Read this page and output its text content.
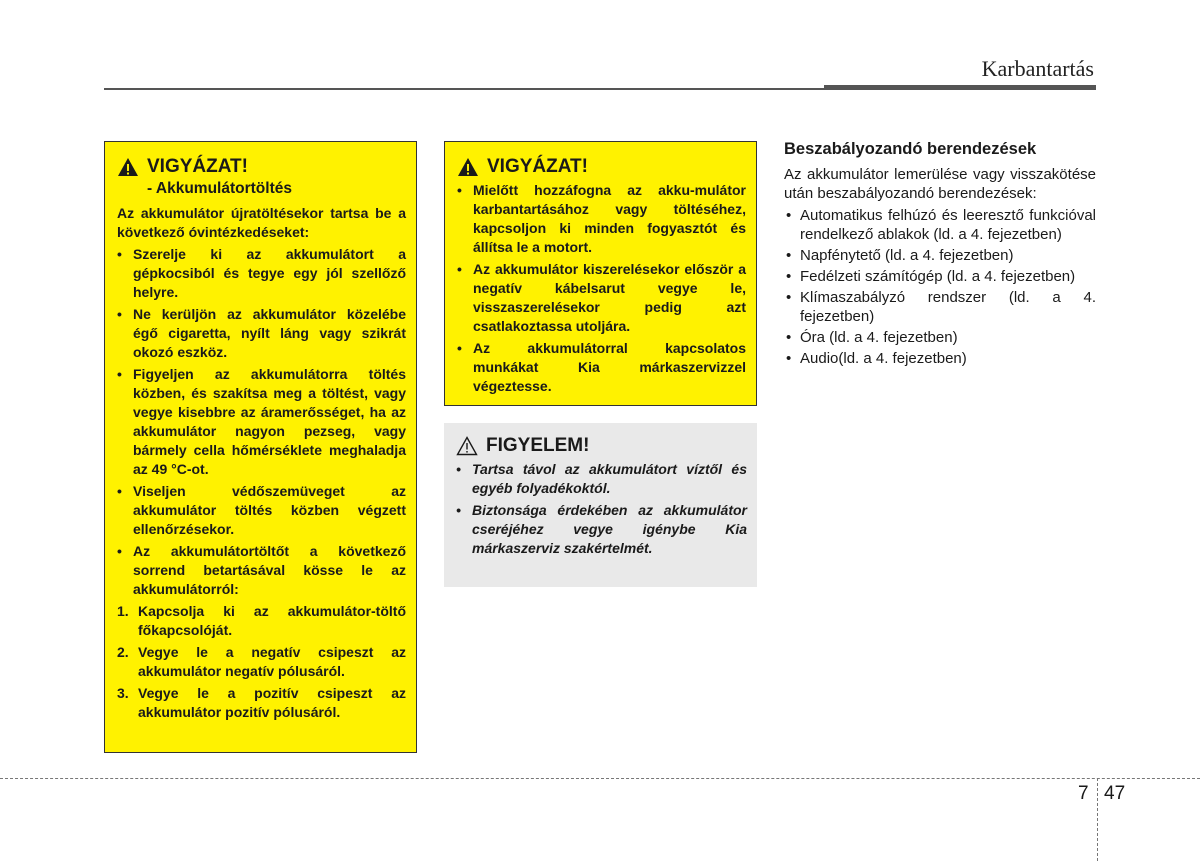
Karbantartás
VIGYÁZAT!
- Akkumulátortöltés
Az akkumulátor újratöltésekor tartsa be a következő óvintézkedéseket:
• Szerelje ki az akkumulátort a gépkocsiból és tegye egy jól szellőző helyre.
• Ne kerüljön az akkumulátor közelébe égő cigaretta, nyílt láng vagy szikrát okozó eszköz.
• Figyeljen az akkumulátorra töltés közben, és szakítsa meg a töltést, vagy vegye kisebbre az áramerősséget, ha az akkumulátor nagyon pezseg, vagy bármely cella hőmérséklete meghaladja az 49 °C-ot.
• Viseljen védőszemüveget az akkumulátor töltés közben végzett ellenőrzésekor.
• Az akkumulátortöltőt a következő sorrend betartásával kösse le az akkumulátorról:
1. Kapcsolja ki az akkumulátor-töltő főkapcsolóját.
2. Vegye le a negatív csipeszt az akkumulátor negatív pólusáról.
3. Vegye le a pozitív csipeszt az akkumulátor pozitív pólusáról.
VIGYÁZAT!
• Mielőtt hozzáfogna az akku-mulátor karbantartásához vagy töltéséhez, kapcsoljon ki minden fogyasztót és állítsa le a motort.
• Az akkumulátor kiszerelésekor először a negatív kábelsarut vegye le, visszaszerelésekor pedig azt csatlakoztassa utoljára.
• Az akkumulátorral kapcsolatos munkákat Kia márkaszervizzel végeztesse.
FIGYELEM!
• Tartsa távol az akkumulátort víztől és egyéb folyadékoktól.
• Biztonsága érdekében az akkumulátor cseréjéhez vegye igénybe Kia márkaszerviz szakértelmét.
Beszabályozandó berendezések
Az akkumulátor lemerülése vagy visszakötése után beszabályozandó berendezések:
• Automatikus felhúzó és leeresztő funkcióval rendelkező ablakok (ld. a 4. fejezetben)
• Napfénytető (ld. a 4. fejezetben)
• Fedélzeti számítógép (ld. a 4. fejezetben)
• Klímaszabályzó rendszer (ld. a 4. fejezetben)
• Óra (ld. a 4. fejezetben)
• Audio(ld. a 4. fejezetben)
7 47
